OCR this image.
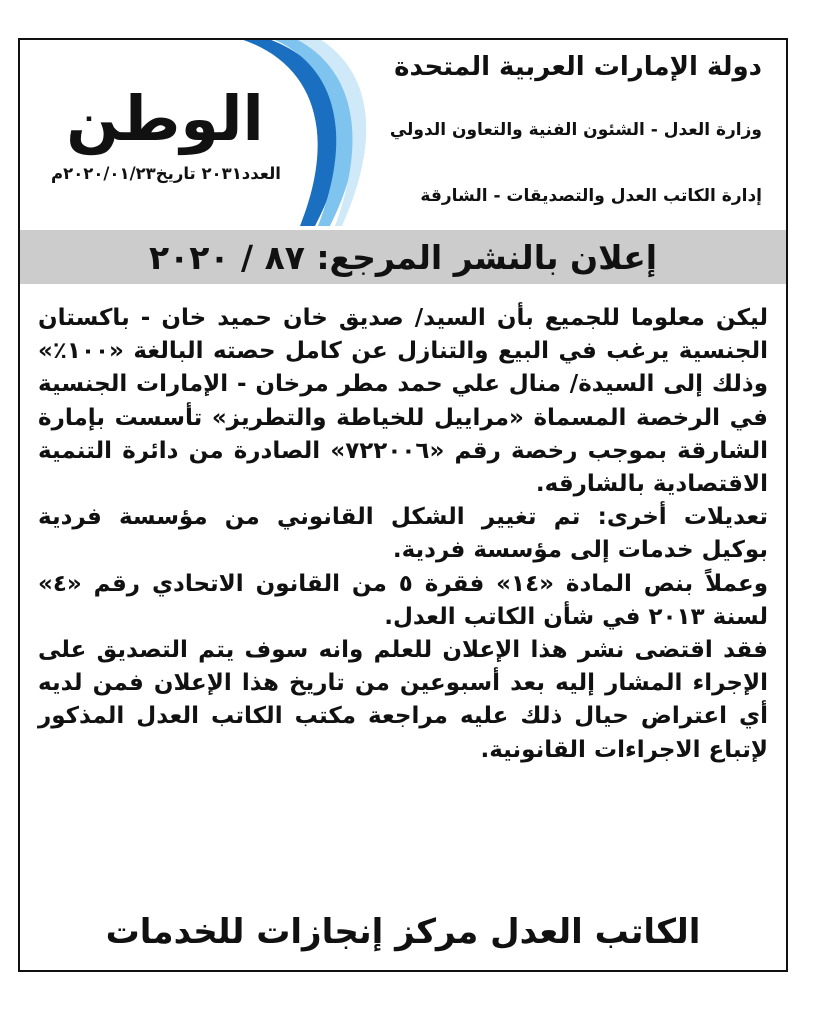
دولة الإمارات العربية المتحدة
وزارة العدل - الشئون الفنية والتعاون الدولي
إدارة الكاتب العدل والتصديقات - الشارقة
الوطن
العدد٢٠٣١ تاريخ٢٠٢٠/٠١/٢٣م
إعلان بالنشر المرجع: ٨٧ / ٢٠٢٠

ليكن معلوما للجميع بأن السيد/ صديق خان حميد خان - باكستان الجنسية يرغب في البيع والتنازل عن كامل حصته البالغة «١٠٠٪» وذلك إلى السيدة/ منال علي حمد مطر مرخان - الإمارات الجنسية في الرخصة المسماة «مراييل للخياطة والتطريز» تأسست بإمارة الشارقة بموجب رخصة رقم «٧٢٢٠٠٦» الصادرة من دائرة التنمية الاقتصادية بالشارقه.

تعديلات أخرى: تم تغيير الشكل القانوني من مؤسسة فردية بوكيل خدمات إلى مؤسسة فردية.

وعملاً بنص المادة «١٤» فقرة ٥ من القانون الاتحادي رقم «٤» لسنة ٢٠١٣ في شأن الكاتب العدل.

فقد اقتضى نشر هذا الإعلان للعلم وانه سوف يتم التصديق على الإجراء المشار إليه بعد أسبوعين من تاريخ هذا الإعلان فمن لديه أي اعتراض حيال ذلك عليه مراجعة مكتب الكاتب العدل المذكور لإتباع الاجراءات القانونية.

الكاتب العدل مركز إنجازات للخدمات
